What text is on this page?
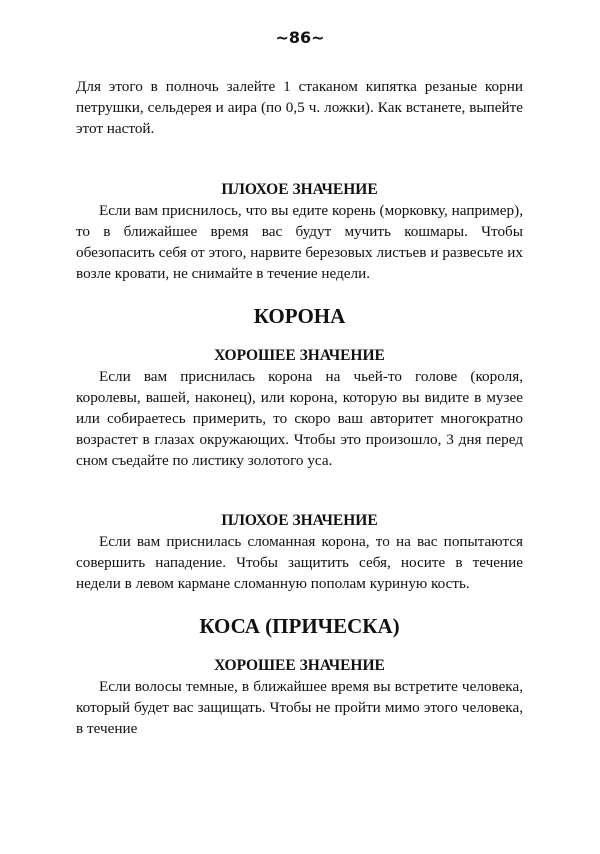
~86~

Для этого в полночь залейте 1 стаканом кипятка резаные корни петрушки, сельдерея и аира (по 0,5 ч. ложки). Как встанете, выпейте этот настой.

ПЛОХОЕ ЗНАЧЕНИЕ

Если вам приснилось, что вы едите корень (морковку, например), то в ближайшее время вас будут мучить кошмары. Чтобы обезопасить себя от этого, нарвите березовых листьев и развесьте их возле кровати, не снимайте в течение недели.

КОРОНА
ХОРОШЕЕ ЗНАЧЕНИЕ

Если вам приснилась корона на чьей-то голове (короля, королевы, вашей, наконец), или корона, которую вы видите в музее или собираетесь примерить, то скоро ваш авторитет многократно возрастет в глазах окружающих. Чтобы это произошло, 3 дня перед сном съедайте по листику золотого уса.

ПЛОХОЕ ЗНАЧЕНИЕ

Если вам приснилась сломанная корона, то на вас попытаются совершить нападение. Чтобы защитить себя, носите в течение недели в левом кармане сломанную пополам куриную кость.

КОСА (ПРИЧЕСКА)
ХОРОШЕЕ ЗНАЧЕНИЕ

Если волосы темные, в ближайшее время вы встретите человека, который будет вас защищать. Чтобы не пройти мимо этого человека, в течение
